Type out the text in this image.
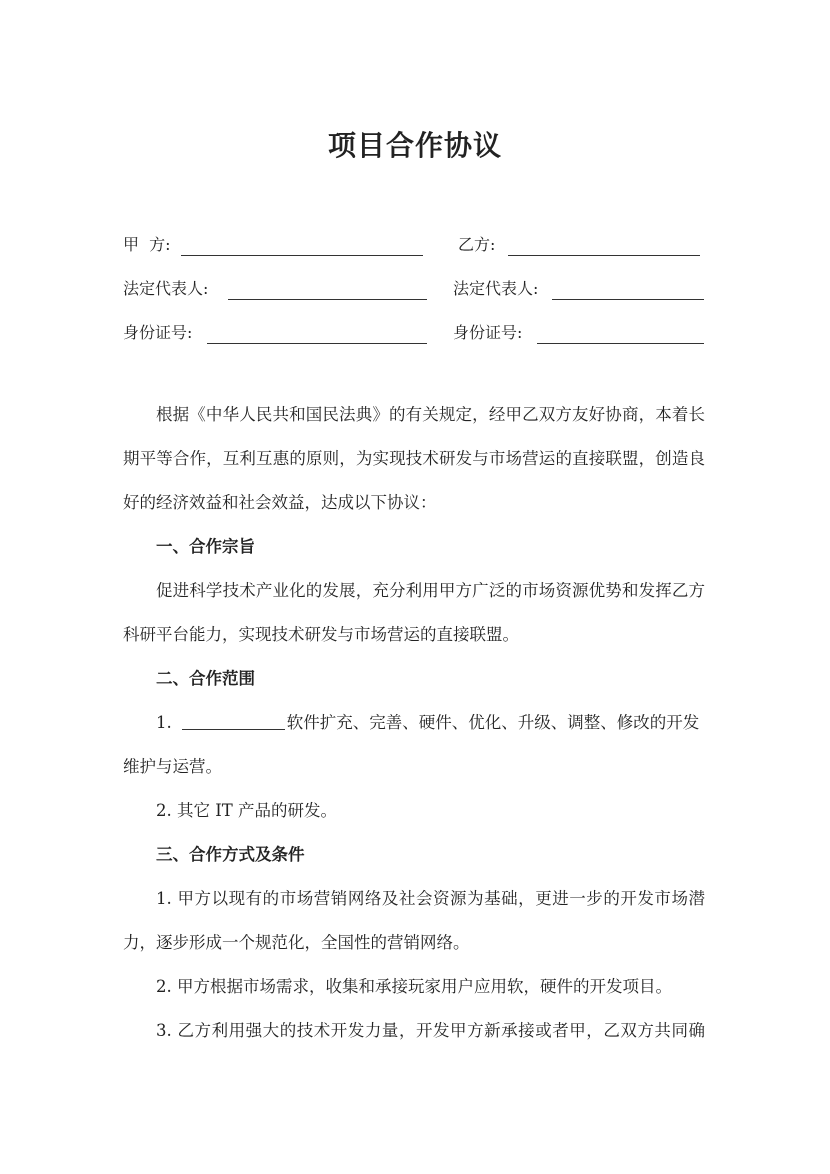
项目合作协议
甲  方:	乙方:
法定代表人:	法定代表人:
身份证号:	身份证号:
根据《中华人民共和国民法典》的有关规定，经甲乙双方友好协商，本着长
期平等合作，互利互惠的原则，为实现技术研发与市场营运的直接联盟，创造良
好的经济效益和社会效益，达成以下协议：
一、合作宗旨
促进科学技术产业化的发展，充分利用甲方广泛的市场资源优势和发挥乙方
科研平台能力，实现技术研发与市场营运的直接联盟。
二、合作范围
1.	软件扩充、完善、硬件、优化、升级、调整、修改的开发
维护与运营。
2. 其它 IT 产品的研发。
三、合作方式及条件
1. 甲方以现有的市场营销网络及社会资源为基础，更进一步的开发市场潜
力，逐步形成一个规范化，全国性的营销网络。
2. 甲方根据市场需求，收集和承接玩家用户应用软，硬件的开发项目。
3. 乙方利用强大的技术开发力量，开发甲方新承接或者甲，乙双方共同确
